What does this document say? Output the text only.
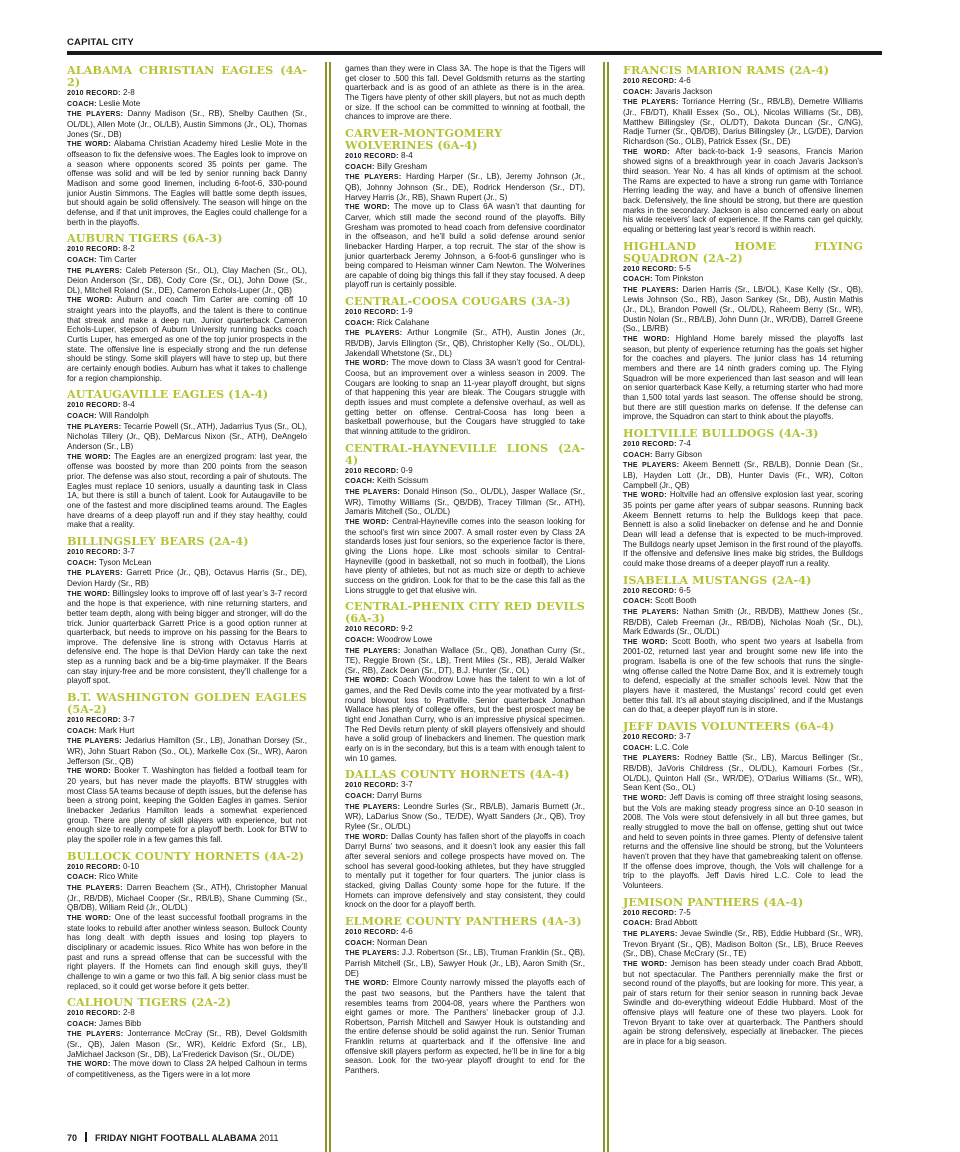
CAPITAL CITY
ALABAMA CHRISTIAN EAGLES (4A-2)

2010 RECORD: 2-8

COACH: Leslie Mote

THE PLAYERS: Danny Madison (Sr., RB), Shelby Cauthen (Sr., OL/DL), Allen Mote (Jr., OL/LB), Austin Simmons (Jr., OL), Thomas Jones (Sr., DB)

THE WORD: Alabama Christian Academy hired Leslie Mote in the offseason to fix the defensive woes. The Eagles look to improve on a season where opponents scored 35 points per game. The offense was solid and will be led by senior running back Danny Madison and some good linemen, including 6-foot-6, 330-pound junior Austin Simmons. The Eagles will battle some depth issues, but should again be solid offensively. The season will hinge on the defense, and if that unit improves, the Eagles could challenge for a berth in the playoffs.

AUBURN TIGERS (6A-3)

2010 RECORD: 8-2

COACH: Tim Carter

THE PLAYERS: Caleb Peterson (Sr., OL), Clay Machen (Sr., OL), Deion Anderson (Sr., DB), Cody Core (Sr., OL), John Dowe (Sr., DL), Mitchell Roland (Sr., DE), Cameron Echols-Luper (Jr., QB)

THE WORD: Auburn and coach Tim Carter are coming off 10 straight years into the playoffs, and the talent is there to continue that streak and make a deep run. Junior quarterback Cameron Echols-Luper, stepson of Auburn University running backs coach Curtis Luper, has emerged as one of the top junior prospects in the state. The offensive line is especially strong and the run defense should be stingy. Some skill players will have to step up, but there are certainly enough bodies. Auburn has what it takes to challenge for a region championship.

AUTAUGAVILLE EAGLES (1A-4)

2010 RECORD: 8-4

COACH: Will Randolph

THE PLAYERS: Tecarrie Powell (Sr., ATH), Jadarrius Tyus (Sr., OL), Nicholas Tillery (Jr., QB), DeMarcus Nixon (Sr., ATH), DeAngelo Anderson (Sr., LB)

THE WORD: The Eagles are an energized program: last year, the offense was boosted by more than 200 points from the season prior. The defense was also stout, recording a pair of shutouts. The Eagles must replace 10 seniors, usually a daunting task in Class 1A, but there is still a bunch of talent. Look for Autaugaville to be one of the fastest and more disciplined teams around. The Eagles have dreams of a deep playoff run and if they stay healthy, could make that a reality.

BILLINGSLEY BEARS (2A-4)

2010 RECORD: 3-7

COACH: Tyson McLean

THE PLAYERS: Garrett Price (Jr., QB), Octavus Harris (Sr., DE), Devion Hardy (Sr., RB)

THE WORD: Billingsley looks to improve off of last year’s 3-7 record and the hope is that experience, with nine returning starters, and better team depth, along with being bigger and stronger, will do the trick. Junior quarterback Garrett Price is a good option runner at quarterback, but needs to improve on his passing for the Bears to improve. The defensive line is strong with Octavus Harris at defensive end. The hope is that DeVion Hardy can take the next step as a running back and be a big-time playmaker. If the Bears can stay injury-free and be more consistent, they’ll challenge for a playoff spot.

B.T. WASHINGTON GOLDEN EAGLES (5A-2)

2010 RECORD: 3-7

COACH: Mark Hurt

THE PLAYERS: Jedarius Hamilton (Sr., LB), Jonathan Dorsey (Sr., WR), John Stuart Rabon (So., OL), Markelle Cox (Sr., WR), Aaron Jefferson (Sr., QB)

THE WORD: Booker T. Washington has fielded a football team for 20 years, but has never made the playoffs. BTW struggles with most Class 5A teams because of depth issues, but the defense has been a strong point, keeping the Golden Eagles in games. Senior linebacker Jedarius Hamilton leads a somewhat experienced group. There are plenty of skill players with experience, but not enough size to really compete for a playoff berth. Look for BTW to play the spoiler role in a few games this fall.

BULLOCK COUNTY HORNETS (4A-2)

2010 RECORD: 0-10

COACH: Rico White

THE PLAYERS: Darren Beachem (Sr., ATH), Christopher Manual (Jr., RB/DB), Michael Cooper (Sr., RB/LB), Shane Cumming (Sr., QB/DB), William Reid (Jr., OL/DL)

THE WORD: One of the least successful football programs in the state looks to rebuild after another winless season. Bullock County has long dealt with depth issues and losing top players to disciplinary or academic issues. Rico White has won before in the past and runs a spread offense that can be successful with the right players. If the Hornets can find enough skill guys, they’ll challenge to win a game or two this fall. A big senior class must be replaced, so it could get worse before it gets better.

CALHOUN TIGERS (2A-2)

2010 RECORD: 2-8

COACH: James Bibb

THE PLAYERS: Jonterrance McCray (Sr., RB), Devel Goldsmith (Sr., QB), Jalen Mason (Sr., WR), Keldric Exford (Sr., LB), JaMichael Jackson (Sr., DB), La’Frederick Davison (Sr., OL/DE)

THE WORD: The move down to Class 2A helped Calhoun in terms of competitiveness, as the Tigers were in a lot more

games than they were in Class 3A. The hope is that the Tigers will get closer to .500 this fall. Devel Goldsmith returns as the starting quarterback and is as good of an athlete as there is in the area. The Tigers have plenty of other skill players, but not as much depth or size. If the school can be committed to winning at football, the chances to improve are there.

CARVER-MONTGOMERY WOLVERINES (6A-4)

2010 RECORD: 8-4

COACH: Billy Gresham

THE PLAYERS: Harding Harper (Sr., LB), Jeremy Johnson (Jr., QB), Johnny Johnson (Sr., DE), Rodrick Henderson (Sr., DT), Harvey Harris (Jr., RB), Shawn Rupert (Jr., S)

THE WORD: The move up to Class 6A wasn’t that daunting for Carver, which still made the second round of the playoffs. Billy Gresham was promoted to head coach from defensive coordinator in the offseason, and he’ll build a solid defense around senior linebacker Harding Harper, a top recruit. The star of the show is junior quarterback Jeremy Johnson, a 6-foot-6 gunslinger who is being compared to Heisman winner Cam Newton. The Wolverines are capable of doing big things this fall if they stay focused. A deep playoff run is certainly possible.

CENTRAL-COOSA COUGARS (3A-3)

2010 RECORD: 1-9

COACH: Rick Calahane

THE PLAYERS: Arthur Longmile (Sr., ATH), Austin Jones (Jr., RB/DB), Jarvis Ellington (Sr., QB), Christopher Kelly (So., OL/DL), Jakendall Whetstone (Sr., DL)

THE WORD: The move down to Class 3A wasn’t good for Central-Coosa, but an improvement over a winless season in 2009. The Cougars are looking to snap an 11-year playoff drought, but signs of that happening this year are bleak. The Cougars struggle with depth issues and must complete a defensive overhaul, as well as getting better on offense. Central-Coosa has long been a basketball powerhouse, but the Cougars have struggled to take that winning attitude to the gridiron.

CENTRAL-HAYNEVILLE LIONS (2A-4)

2010 RECORD: 0-9

COACH: Keith Scissum

THE PLAYERS: Donald Hinson (So., OL/DL), Jasper Wallace (Sr., WR), Timothy Williams (Sr., QB/DB), Tracey Tillman (Sr., ATH), Jamaris Mitchell (So., OL/DL)

THE WORD: Central-Hayneville comes into the season looking for the school’s first win since 2007. A small roster even by Class 2A standards loses just four seniors, so the experience factor is there, giving the Lions hope. Like most schools similar to Central-Hayneville (good in basketball, not so much in football), the Lions have plenty of athletes, but not as much size or depth to achieve success on the gridiron. Look for that to be the case this fall as the Lions struggle to get that elusive win.

CENTRAL-PHENIX CITY RED DEVILS (6A-3)

2010 RECORD: 9-2

COACH: Woodrow Lowe

THE PLAYERS: Jonathan Wallace (Sr., QB), Jonathan Curry (Sr., TE), Reggie Brown (Sr., LB), Trent Miles (Sr., RB), Jerald Walker (Sr., RB), Zack Dean (Sr., DT), B.J. Hunter (Sr., OL)

THE WORD: Coach Woodrow Lowe has the talent to win a lot of games, and the Red Devils come into the year motivated by a first-round blowout loss to Prattville. Senior quarterback Jonathan Wallace has plenty of college offers, but the best prospect may be tight end Jonathan Curry, who is an impressive physical specimen. The Red Devils return plenty of skill players offensively and should have a solid group of linebackers and linemen. The question mark early on is in the secondary, but this is a team with enough talent to win 10 games.

DALLAS COUNTY HORNETS (4A-4)

2010 RECORD: 3-7

COACH: Darryl Burns

THE PLAYERS: Leondre Surles (Sr., RB/LB), Jamaris Burnett (Jr., WR), LaDarius Snow (So., TE/DE), Wyatt Sanders (Jr., QB), Troy Rylee (Sr., OL/DL)

THE WORD: Dallas County has fallen short of the playoffs in coach Darryl Burns’ two seasons, and it doesn’t look any easier this fall after several seniors and college prospects have moved on. The school has several good-looking athletes, but they have struggled to mentally put it together for four quarters. The junior class is stacked, giving Dallas County some hope for the future. If the Hornets can improve defensively and stay consistent, they could knock on the door for a playoff berth.

ELMORE COUNTY PANTHERS (4A-3)

2010 RECORD: 4-6

COACH: Norman Dean

THE PLAYERS: J.J. Robertson (Sr., LB), Truman Franklin (Sr., QB), Parrish Mitchell (Sr., LB), Sawyer Houk (Jr., LB), Aaron Smith (Sr., DE)

THE WORD: Elmore County narrowly missed the playoffs each of the past two seasons, but the Panthers have the talent that resembles teams from 2004-08, years where the Panthers won eight games or more. The Panthers’ linebacker group of J.J. Robertson, Parrish Mitchell and Sawyer Houk is outstanding and the entire defense should be solid against the run. Senior Truman Franklin returns at quarterback and if the offensive line and offensive skill players perform as expected, he’ll be in line for a big season. Look for the two-year playoff drought to end for the Panthers.

FRANCIS MARION RAMS (2A-4)

2010 RECORD: 4-6

COACH: Javaris Jackson

THE PLAYERS: Torriance Herring (Sr., RB/LB), Demetre Williams (Jr., FB/DT), Khalil Essex (So., OL), Nicolas Williams (Sr., DB), Matthew Billingsley (Sr., OL/DT), Dakota Duncan (Sr., C/NG), Radje Turner (Sr., QB/DB), Darius Billingsley (Jr., LG/DE), Darvion Richardson (So., OLB), Patrick Essex (Sr., DE)

THE WORD: After back-to-back 1-9 seasons, Francis Marion showed signs of a breakthrough year in coach Javaris Jackson’s third season. Year No. 4 has all kinds of optimism at the school. The Rams are expected to have a strong run game with Torriance Herring leading the way, and have a bunch of offensive linemen back. Defensively, the line should be strong, but there are question marks in the secondary. Jackson is also concerned early on about his wide receivers’ lack of experience. If the Rams can gel quickly, equaling or bettering last year’s record is within reach.

HIGHLAND HOME FLYING SQUADRON (2A-2)

2010 RECORD: 5-5

COACH: Tom Pinkston

THE PLAYERS: Darien Harris (Sr., LB/OL), Kase Kelly (Sr., QB), Lewis Johnson (So., RB), Jason Sankey (Sr., DB), Austin Mathis (Jr., DL), Brandon Powell (Sr., OL/DL), Raheem Berry (Sr., WR), Dustin Nolan (Sr., RB/LB), John Dunn (Jr., WR/DB), Darrell Greene (So., LB/RB)

THE WORD: Highland Home barely missed the playoffs last season, but plenty of experience returning has the goals set higher for the coaches and players. The junior class has 14 returning members and there are 14 ninth graders coming up. The Flying Squadron will be more experienced than last season and will lean on senior quarterback Kase Kelly, a returning starter who had more than 1,500 total yards last season. The offense should be strong, but there are still question marks on defense. If the defense can improve, the Squadron can start to think about the playoffs.

HOLTVILLE BULLDOGS (4A-3)

2010 RECORD: 7-4

COACH: Barry Gibson

THE PLAYERS: Akeem Bennett (Sr., RB/LB), Donnie Dean (Sr., LB), Hayden Lott (Jr., DB), Hunter Davis (Fr., WR), Colton Campbell (Jr., QB)

THE WORD: Holtville had an offensive explosion last year, scoring 35 points per game after years of subpar seasons. Running back Akeem Bennett returns to help the Bulldogs keep that pace. Bennett is also a solid linebacker on defense and he and Donnie Dean will lead a defense that is expected to be much-improved. The Bulldogs nearly upset Jemison in the first round of the playoffs. If the offensive and defensive lines make big strides, the Bulldogs could make those dreams of a deeper playoff run a reality.

ISABELLA MUSTANGS (2A-4)

2010 RECORD: 6-5

COACH: Scott Booth

THE PLAYERS: Nathan Smith (Jr., RB/DB), Matthew Jones (Sr., RB/DB), Caleb Freeman (Jr., RB/DB), Nicholas Noah (Sr., DL), Mark Edwards (Sr., OL/DL)

THE WORD: Scott Booth, who spent two years at Isabella from 2001-02, returned last year and brought some new life into the program. Isabella is one of the few schools that runs the single-wing offense called the Notre Dame Box, and it is extremely tough to defend, especially at the smaller schools level. Now that the players have it mastered, the Mustangs’ record could get even better this fall. It’s all about staying disciplined, and if the Mustangs can do that, a deeper playoff run is in store.

JEFF DAVIS VOLUNTEERS (6A-4)

2010 RECORD: 3-7

COACH: L.C. Cole

THE PLAYERS: Rodney Battle (Sr., LB), Marcus Bellinger (Sr., RB/DB), JaVoris Childress (Sr., OL/DL), Kamouri Forbes (Sr., OL/DL), Quinton Hall (Sr., WR/DE), O’Darius Williams (Sr., WR), Sean Kent (So., OL)

THE WORD: Jeff Davis is coming off three straight losing seasons, but the Vols are making steady progress since an 0-10 season in 2008. The Vols were stout defensively in all but three games, but really struggled to move the ball on offense, getting shut out twice and held to seven points in three games. Plenty of defensive talent returns and the offensive line should be strong, but the Volunteers haven’t proven that they have that gamebreaking talent on offense. If the offense does improve, though, the Vols will challenge for a trip to the playoffs. Jeff Davis hired L.C. Cole to lead the Volunteers.

JEMISON PANTHERS (4A-4)

2010 RECORD: 7-5

COACH: Brad Abbott

THE PLAYERS: Jevae Swindle (Sr., RB), Eddie Hubbard (Sr., WR), Trevon Bryant (Sr., QB), Madison Bolton (Sr., LB), Bruce Reeves (Sr., DB), Chase McCrary (Sr., TE)

THE WORD: Jemison has been steady under coach Brad Abbott, but not spectacular. The Panthers perennially make the first or second round of the playoffs, but are looking for more. This year, a pair of stars return for their senior season in running back Jevae Swindle and do-everything wideout Eddie Hubbard. Most of the offensive plays will feature one of these two players. Look for Trevon Bryant to take over at quarterback. The Panthers should again be strong defensively, especially at linebacker. The pieces are in place for a big season.

70 FRIDAY NIGHT FOOTBALL ALABAMA 2011
